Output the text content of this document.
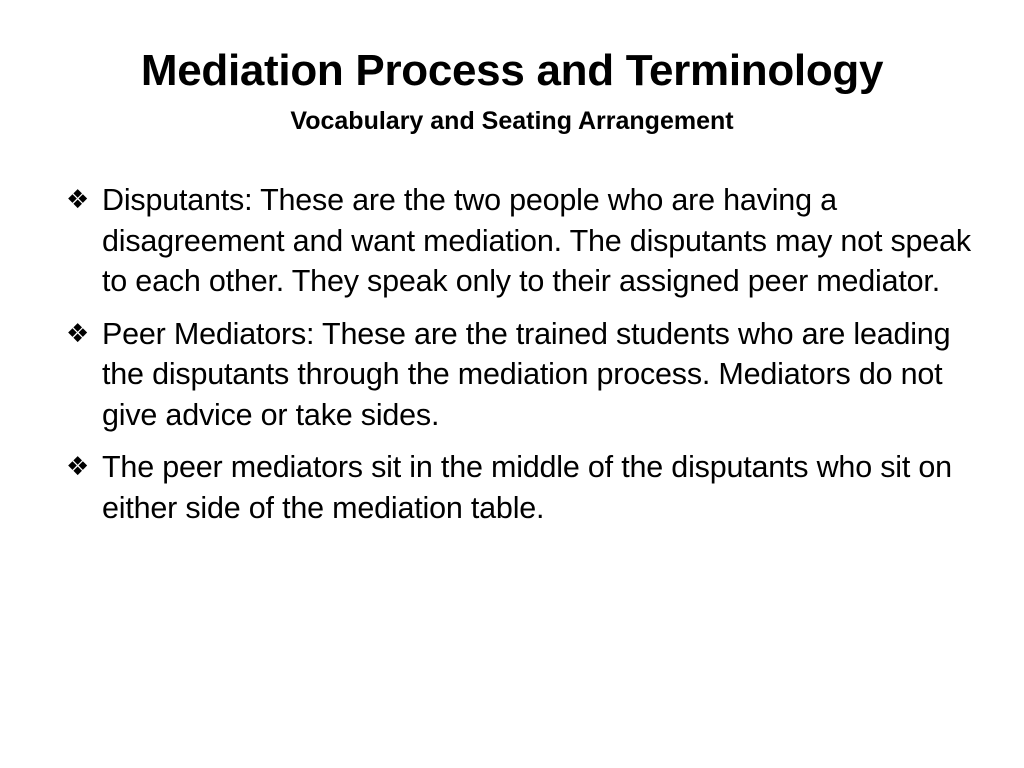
Mediation Process and Terminology
Vocabulary and Seating Arrangement
❖ Disputants: These are the two people who are having a disagreement and want mediation. The disputants may not speak to each other. They speak only to their assigned peer mediator.
❖ Peer Mediators: These are the trained students who are leading the disputants through the mediation process. Mediators do not give advice or take sides.
❖ The peer mediators sit in the middle of the disputants who sit on either side of the mediation table.
